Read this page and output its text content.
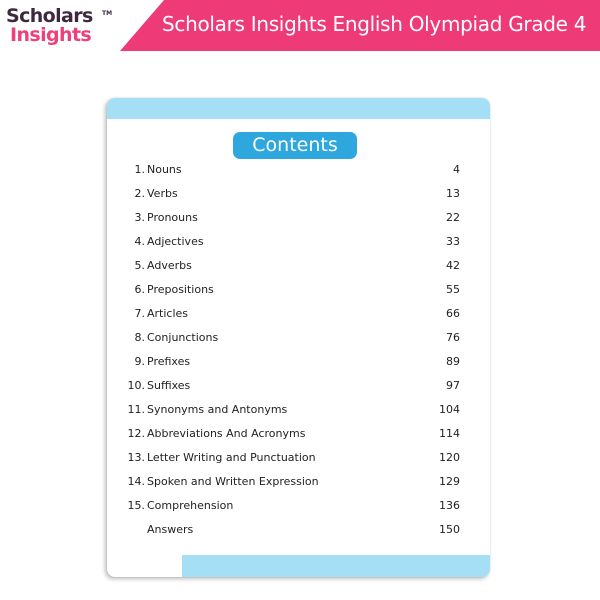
Scholars TM
Insights	Scholars Insights English Olympiad Grade 4
Contents
1. Nouns	4
2. Verbs	13
3. Pronouns	22
4. Adjectives	33
5. Adverbs	42
6. Prepositions	55
7. Articles	66
8. Conjunctions	76
9. Prefixes	89
10. Suffixes	97
11. Synonyms and Antonyms	104
12. Abbreviations And Acronyms	114
13. Letter Writing and Punctuation	120
14. Spoken and Written Expression	129
15. Comprehension	136
Answers	150
